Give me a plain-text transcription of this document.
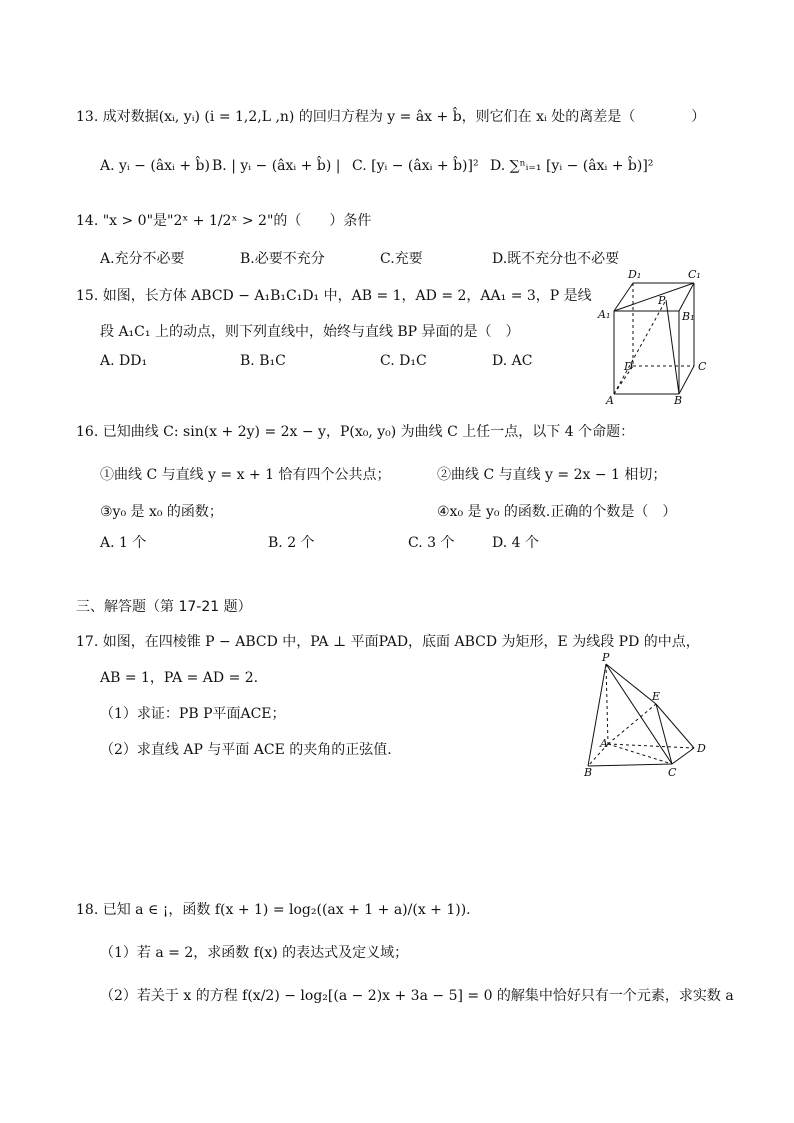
13. 成对数据(xᵢ, yᵢ) (i = 1,2,L ,n) 的回归方程为 y = âx + b̂，则它们在 xᵢ 处的离差是（　　　　）
A. yᵢ − (âxᵢ + b̂) B. | yᵢ − (âxᵢ + b̂) | C. [yᵢ − (âxᵢ + b̂)]² D. ∑ⁿᵢ₌₁ [yᵢ − (âxᵢ + b̂)]²
14. "x > 0"是"2ˣ + 1/2ˣ > 2"的（　　）条件
A.充分不必要	B.必要不充分	C.充要	D.既不充分也不必要
15. 如图，长方体 ABCD − A₁B₁C₁D₁ 中，AB = 1，AD = 2，AA₁ = 3，P 是线
段 A₁C₁ 上的动点，则下列直线中，始终与直线 BP 异面的是（　）
A. DD₁	B. B₁C	C. D₁C	D. AC
D₁	C₁
A₁	B₁
P
D	C
A	B
16. 已知曲线 C: sin(x + 2y) = 2x − y，P(x₀, y₀) 为曲线 C 上任一点，以下 4 个命题：
①曲线 C 与直线 y = x + 1 恰有四个公共点；	②曲线 C 与直线 y = 2x − 1 相切；
③y₀ 是 x₀ 的函数；	④x₀ 是 y₀ 的函数.正确的个数是（　）
A. 1 个	B. 2 个	C. 3 个	D. 4 个
三、解答题（第 17-21 题）
17. 如图，在四棱锥 P − ABCD 中，PA ⊥ 平面PAD，底面 ABCD 为矩形，E 为线段 PD 的中点，
AB = 1，PA = AD = 2.
（1）求证：PB P平面ACE；
（2）求直线 AP 与平面 ACE 的夹角的正弦值.
P
E
A	D
B	C
18. 已知 a ∈ ¡，函数 f(x + 1) = log₂((ax + 1 + a)/(x + 1)).
（1）若 a = 2，求函数 f(x) 的表达式及定义域；
（2）若关于 x 的方程 f(x/2) − log₂[(a − 2)x + 3a − 5] = 0 的解集中恰好只有一个元素，求实数 a
